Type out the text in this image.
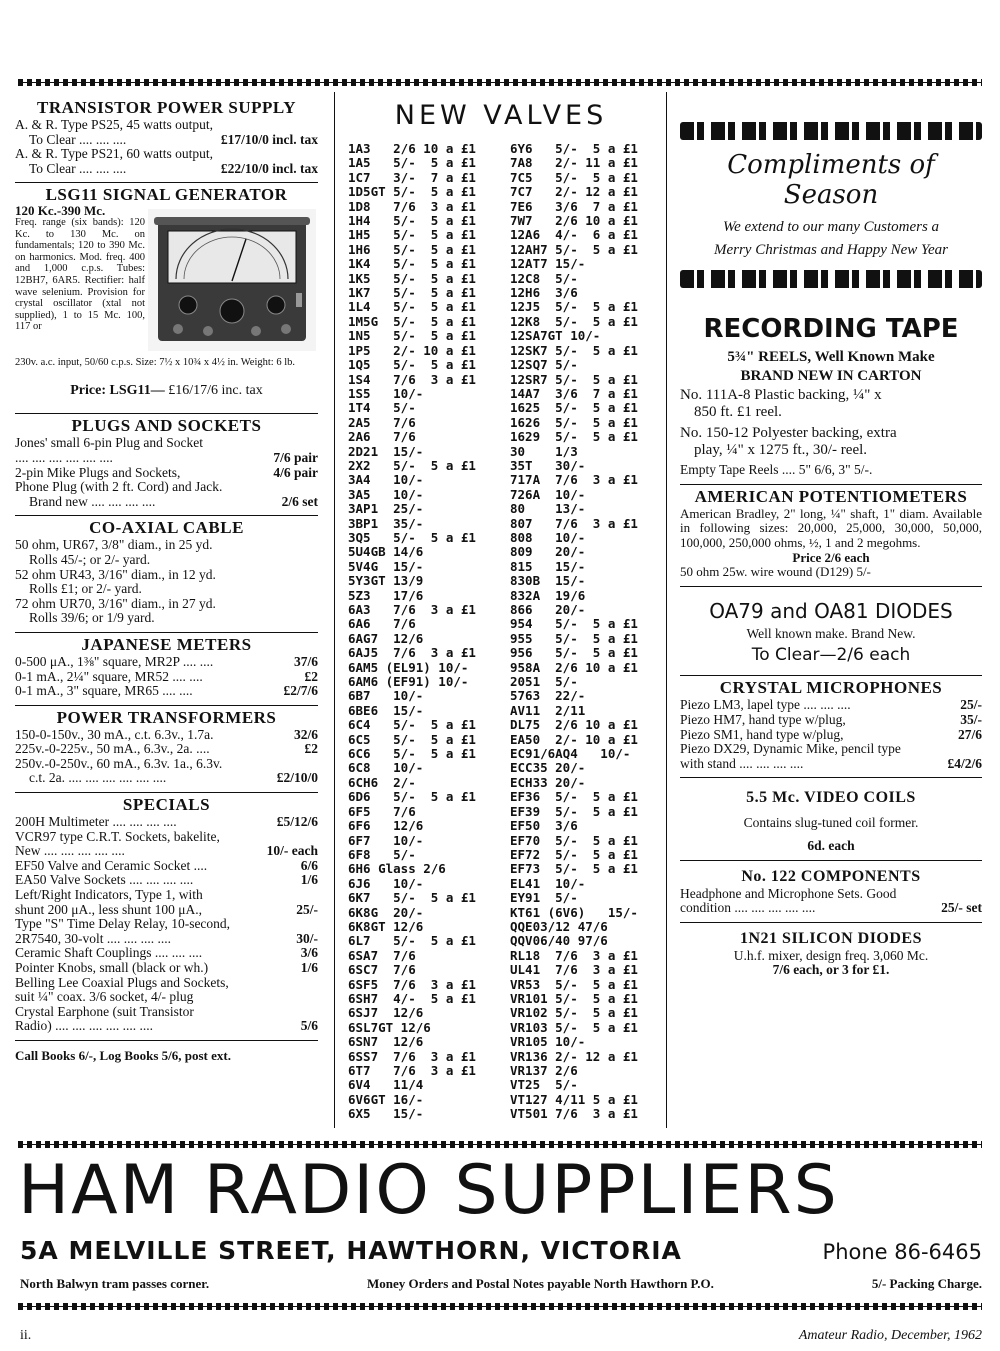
TRANSISTOR POWER SUPPLY

A. & R. Type PS25, 45 watts output,

To Clear .... .... ....	£17/10/0 incl. tax

A. & R. Type PS21, 60 watts output,

To Clear .... .... ....	£22/10/0 incl. tax

LSG11 SIGNAL GENERATOR

120 Kc.-390 Mc.
Freq. range (six bands): 120 Kc. to 130 Mc. on fundamentals; 120 to 390 Mc. on harmonics. Mod. freq. 400 and 1,000 c.p.s. Tubes: 12BH7, 6AR5. Rectifier: half wave selenium. Provision for crystal oscillator (xtal not supplied), 1 to 15 Mc. 100, 117 or
230v. a.c. input, 50/60 c.p.s. Size: 7½ x 10¾ x 4½ in. Weight: 6 lb.
Price: LSG11— £16/17/6 inc. tax

PLUGS AND SOCKETS

Jones' small 6-pin Plug and Socket

.... .... .... .... .... ....	7/6 pair

2-pin Mike Plugs and Sockets,	4/6 pair

Phone Plug (with 2 ft. Cord) and Jack.

Brand new .... .... .... ....	2/6 set

CO-AXIAL CABLE

50 ohm, UR67, 3/8" diam., in 25 yd.

Rolls 45/-; or 2/- yard.

52 ohm UR43, 3/16" diam., in 12 yd.

Rolls £1; or 2/- yard.

72 ohm UR70, 3/16" diam., in 27 yd.

Rolls 39/6; or 1/9 yard.

JAPANESE METERS

0-500 μA., 1⅜" square, MR2P .... ....	37/6

0-1 mA., 2¼" square, MR52 .... ....	£2

0-1 mA., 3" square, MR65 .... ....	£2/7/6

POWER TRANSFORMERS

150-0-150v., 30 mA., c.t. 6.3v., 1.7a.	32/6

225v.-0-225v., 50 mA., 6.3v., 2a. ....	£2

250v.-0-250v., 60 mA., 6.3v. 1a., 6.3v.

c.t. 2a. .... .... .... .... .... ....	£2/10/0

SPECIALS

200H Multimeter .... .... .... ....	£5/12/6

VCR97 type C.R.T. Sockets, bakelite,

New .... .... .... .... ....	10/- each

EF50 Valve and Ceramic Socket ....	6/6

EA50 Valve Sockets .... .... .... ....	1/6

Left/Right Indicators, Type 1, with

shunt 200 μA., less shunt 100 μA.,	25/-

Type "S" Time Delay Relay, 10-second,

2R7540, 30-volt .... .... .... ....	30/-

Ceramic Shaft Couplings .... .... ....	3/6

Pointer Knobs, small (black or wh.)	1/6

Belling Lee Coaxial Plugs and Sockets,

suit ¼" coax. 3/6 socket, 4/- plug

Crystal Earphone (suit Transistor

Radio) .... .... .... .... .... ....	5/6

Call Books 6/-, Log Books 5/6, post ext.

NEW VALVES

1A3   2/6 10 a £1
1A5   5/-  5 a £1
1C7   3/-  7 a £1
1D5GT 5/-  5 a £1
1D8   7/6  3 a £1
1H4   5/-  5 a £1
1H5   5/-  5 a £1
1H6   5/-  5 a £1
1K4   5/-  5 a £1
1K5   5/-  5 a £1
1K7   5/-  5 a £1
1L4   5/-  5 a £1
1M5G  5/-  5 a £1
1N5   5/-  5 a £1
1P5   2/- 10 a £1
1Q5   5/-  5 a £1
1S4   7/6  3 a £1
1S5   10/-
1T4   5/-
2A5   7/6
2A6   7/6
2D21  15/-
2X2   5/-  5 a £1
3A4   10/-
3A5   10/-
3AP1  25/-
3BP1  35/-
3Q5   5/-  5 a £1
5U4GB 14/6
5V4G  15/-
5Y3GT 13/9
5Z3   17/6
6A3   7/6  3 a £1
6A6   7/6
6AG7  12/6
6AJ5  7/6  3 a £1
6AM5 (EL91) 10/-
6AM6 (EF91) 10/-
6B7   10/-
6BE6  15/-
6C4   5/-  5 a £1
6C5   5/-  5 a £1
6C6   5/-  5 a £1
6C8   10/-
6CH6  2/-
6D6   5/-  5 a £1
6F5   7/6
6F6   12/6
6F7   10/-
6F8   5/-
6H6 Glass 2/6
6J6   10/-
6K7   5/-  5 a £1
6K8G  20/-
6K8GT 12/6
6L7   5/-  5 a £1
6SA7  7/6
6SC7  7/6
6SF5  7/6  3 a £1
6SH7  4/-  5 a £1
6SJ7  12/6
6SL7GT 12/6
6SN7  12/6
6SS7  7/6  3 a £1
6T7   7/6  3 a £1
6V4   11/4
6V6GT 16/-
6X5   15/-
6Y6   5/-  5 a £1
7A8   2/- 11 a £1
7C5   5/-  5 a £1
7C7   2/- 12 a £1
7E6   3/6  7 a £1
7W7   2/6 10 a £1
12A6  4/-  6 a £1
12AH7 5/-  5 a £1
12AT7 15/-
12C8  5/-
12H6  3/6
12J5  5/-  5 a £1
12K8  5/-  5 a £1
12SA7GT 10/-
12SK7 5/-  5 a £1
12SQ7 5/-
12SR7 5/-  5 a £1
14A7  3/6  7 a £1
1625  5/-  5 a £1
1626  5/-  5 a £1
1629  5/-  5 a £1
30    1/3
35T   30/-
717A  7/6  3 a £1
726A  10/-
80    13/-
807   7/6  3 a £1
808   10/-
809   20/-
815   15/-
830B  15/-
832A  19/6
866   20/-
954   5/-  5 a £1
955   5/-  5 a £1
956   5/-  5 a £1
958A  2/6 10 a £1
2051  5/-
5763  22/-
AV11  2/11
DL75  2/6 10 a £1
EA50  2/- 10 a £1
EC91/6AQ4   10/-
ECC35 20/-
ECH33 20/-
EF36  5/-  5 a £1
EF39  5/-  5 a £1
EF50  3/6
EF70  5/-  5 a £1
EF72  5/-  5 a £1
EF73  5/-  5 a £1
EL41  10/-
EY91  5/-
KT61 (6V6)   15/-
QQE03/12 47/6
QQV06/40 97/6
RL18  7/6  3 a £1
UL41  7/6  3 a £1
VR53  5/-  5 a £1
VR101 5/-  5 a £1
VR102 5/-  5 a £1
VR103 5/-  5 a £1
VR105 10/-
VR136 2/- 12 a £1
VR137 2/6
VT25  5/-
VT127 4/11 5 a £1
VT501 7/6  3 a £1

Compliments of Season

We extend to our many Customers a
Merry Christmas and Happy New Year

RECORDING TAPE

5¾" REELS, Well Known Make

BRAND NEW IN CARTON

No. 111A-8 Plastic backing, ¼" x

850 ft. £1 reel.

No. 150-12 Polyester backing, extra

play, ¼" x 1275 ft., 30/- reel.

Empty Tape Reels .... 5" 6/6, 3" 5/-.

AMERICAN POTENTIOMETERS

American Bradley, 2" long, ¼" shaft, 1" diam. Available in following sizes: 20,000, 25,000, 30,000, 50,000, 100,000, 250,000 ohms, ½, 1 and 2 megohms.

Price 2/6 each

50 ohm 25w. wire wound (D129) 5/-

OA79 and OA81 DIODES

Well known make. Brand New.

To Clear—2/6 each

CRYSTAL MICROPHONES

Piezo LM3, lapel type .... .... ....	25/-

Piezo HM7, hand type w/plug,	35/-

Piezo SM1, hand type w/plug,	27/6

Piezo DX29, Dynamic Mike, pencil type

with stand .... .... .... ....	£4/2/6

5.5 Mc. VIDEO COILS

Contains slug-tuned coil former.

6d. each

No. 122 COMPONENTS

Headphone and Microphone Sets. Good

condition .... .... .... .... ....	25/- set

1N21 SILICON DIODES

U.h.f. mixer, design freq. 3,060 Mc.

7/6 each, or 3 for £1.

HAM RADIO SUPPLIERS
5A MELVILLE STREET, HAWTHORN, VICTORIA	Phone 86-6465
North Balwyn tram passes corner.	Money Orders and Postal Notes payable North Hawthorn P.O.	5/- Packing Charge.
ii.	Amateur Radio, December, 1962
